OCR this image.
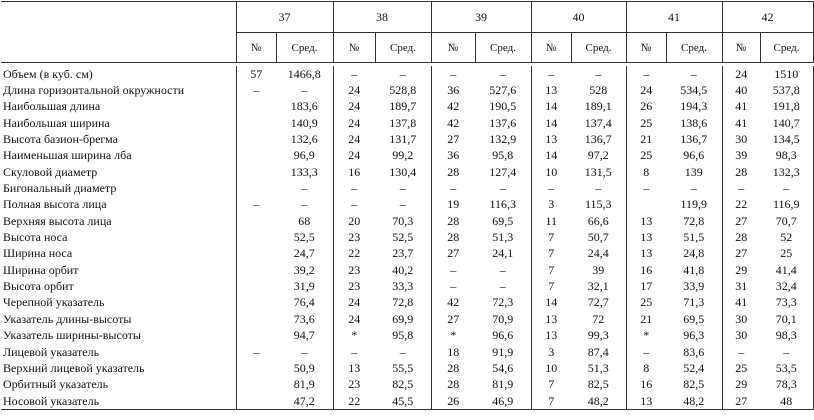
	37		38		39		40		41		42	
	№	Сред.	№	Сред.	№	Сред.	№	Сред.	№	Сред.	№	Сред.

Объем (в куб. см)	57	1466,8	–	–	–	–	–	–	–	–	24	1510
Длина горизонтальной окружности	–	–	24	528,8	36	527,6	13	528	24	534,5	40	537,8
Наибольшая длина		183,6	24	189,7	42	190,5	14	189,1	26	194,3	41	191,8
Наибольшая ширина		140,9	24	137,8	42	137,6	14	137,4	25	138,6	41	140,7
Высота базион-брегма		132,6	24	131,7	27	132,9	13	136,7	21	136,7	30	134,5
Наименьшая ширина лба		96,9	24	99,2	36	95,8	14	97,2	25	96,6	39	98,3
Скуловой диаметр		133,3	16	130,4	28	127,4	10	131,5	8	139	28	132,3
Бигональный диаметр		–	–	–	–	–	–	–	–	–	–	–
Полная высота лица	–	–	–	–	19	116,3	3	115,3		119,9	22	116,9
Верхняя высота лица		68	20	70,3	28	69,5	11	66,6	13	72,8	27	70,7
Высота носа		52,5	23	52,5	28	51,3	7	50,7	13	51,5	28	52
Ширина носа		24,7	22	23,7	27	24,1	7	24,4	13	24,8	27	25
Ширина орбит		39,2	23	40,2	–	–	7	39	16	41,8	29	41,4
Высота орбит		31,9	23	33,3	–	–	7	32,1	17	33,9	31	32,4
Черепной указатель		76,4	24	72,8	42	72,3	14	72,7	25	71,3	41	73,3
Указатель длины-высоты		73,6	24	69,9	27	70,9	13	72	21	69,5	30	70,1
Указатель ширины-высоты		94,7	*	95,8	*	96,6	13	99,3	*	96,3	30	98,3
Лицевой указатель	–	–	–	–	18	91,9	3	87,4	–	83,6	–	–
Верхний лицевой указатель		50,9	13	55,5	28	54,6	10	51,3	8	52,4	25	53,5
Орбитный указатель		81,9	23	82,5	28	81,9	7	82,5	16	82,5	29	78,3
Носовой указатель		47,2	22	45,5	26	46,9	7	48,2	13	48,2	27	48
